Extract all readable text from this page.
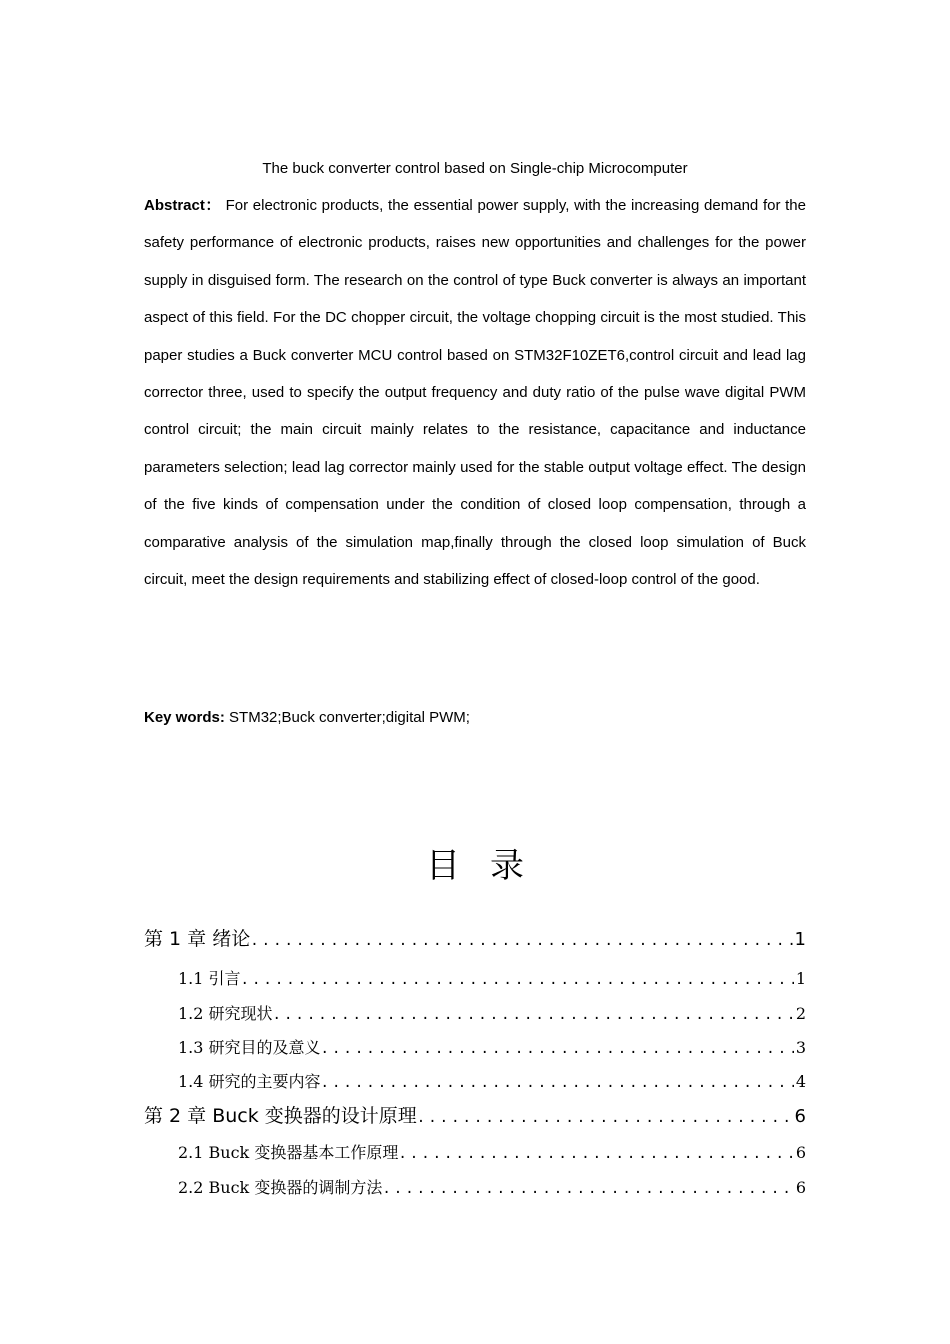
The buck converter control based on Single-chip Microcomputer
Abstract： For electronic products, the essential power supply, with the increasing demand for the safety performance of electronic products, raises new opportunities and challenges for the power supply in disguised form. The research on the control of type Buck converter is always an important aspect of this field. For the DC chopper circuit, the voltage chopping circuit is the most studied. This paper studies a Buck converter MCU control based on STM32F10ZET6,control circuit and lead lag corrector three, used to specify the output frequency and duty ratio of the pulse wave digital PWM control circuit; the main circuit mainly relates to the resistance, capacitance and inductance parameters selection; lead lag corrector mainly used for the stable output voltage effect. The design of the five kinds of compensation under the condition of closed loop compensation, through a comparative analysis of the simulation map,finally through the closed loop simulation of Buck circuit, meet the design requirements and stabilizing effect of closed-loop control of the good.
Key words: STM32;Buck converter;digital PWM;
目录
第 1 章 绪论 .....	1
1.1 引言 .....	1
1.2 研究现状 .....	2
1.3 研究目的及意义 .....	3
1.4 研究的主要内容 .....	4
第 2 章 Buck 变换器的设计原理 .....	6
2.1 Buck 变换器基本工作原理 .....	6
2.2 Buck 变换器的调制方法 .....	6
